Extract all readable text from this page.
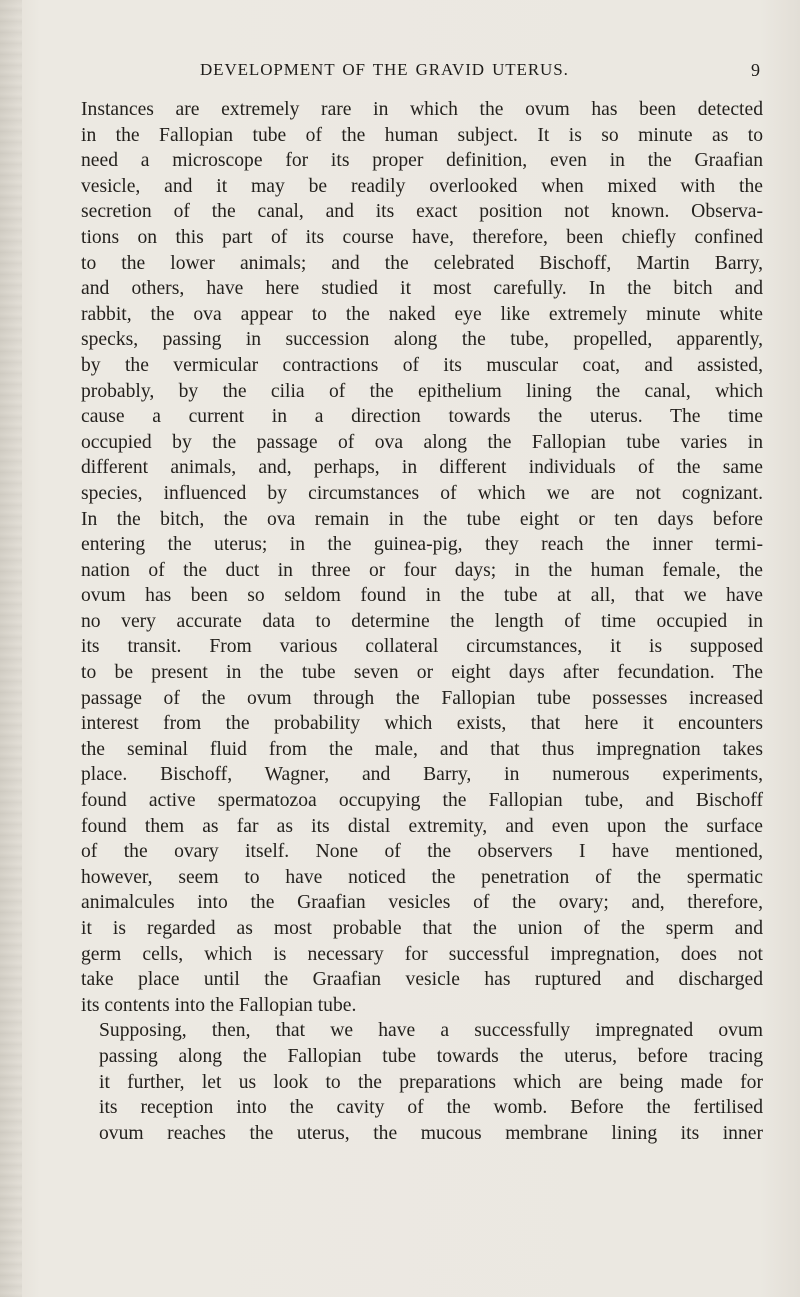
DEVELOPMENT OF THE GRAVID UTERUS.	9
Instances are extremely rare in which the ovum has been detected
in the Fallopian tube of the human subject. It is so minute as to
need a microscope for its proper definition, even in the Graafian
vesicle, and it may be readily overlooked when mixed with the
secretion of the canal, and its exact position not known. Observa-
tions on this part of its course have, therefore, been chiefly confined
to the lower animals; and the celebrated Bischoff, Martin Barry,
and others, have here studied it most carefully. In the bitch and
rabbit, the ova appear to the naked eye like extremely minute white
specks, passing in succession along the tube, propelled, apparently,
by the vermicular contractions of its muscular coat, and assisted,
probably, by the cilia of the epithelium lining the canal, which
cause a current in a direction towards the uterus. The time
occupied by the passage of ova along the Fallopian tube varies in
different animals, and, perhaps, in different individuals of the same
species, influenced by circumstances of which we are not cognizant.
In the bitch, the ova remain in the tube eight or ten days before
entering the uterus; in the guinea-pig, they reach the inner termi-
nation of the duct in three or four days; in the human female, the
ovum has been so seldom found in the tube at all, that we have
no very accurate data to determine the length of time occupied in
its transit. From various collateral circumstances, it is supposed
to be present in the tube seven or eight days after fecundation. The
passage of the ovum through the Fallopian tube possesses increased
interest from the probability which exists, that here it encounters
the seminal fluid from the male, and that thus impregnation takes
place. Bischoff, Wagner, and Barry, in numerous experiments,
found active spermatozoa occupying the Fallopian tube, and Bischoff
found them as far as its distal extremity, and even upon the surface
of the ovary itself. None of the observers I have mentioned,
however, seem to have noticed the penetration of the spermatic
animalcules into the Graafian vesicles of the ovary; and, therefore,
it is regarded as most probable that the union of the sperm and
germ cells, which is necessary for successful impregnation, does not
take place until the Graafian vesicle has ruptured and discharged
its contents into the Fallopian tube.
Supposing, then, that we have a successfully impregnated ovum
passing along the Fallopian tube towards the uterus, before tracing
it further, let us look to the preparations which are being made for
its reception into the cavity of the womb. Before the fertilised
ovum reaches the uterus, the mucous membrane lining its inner
